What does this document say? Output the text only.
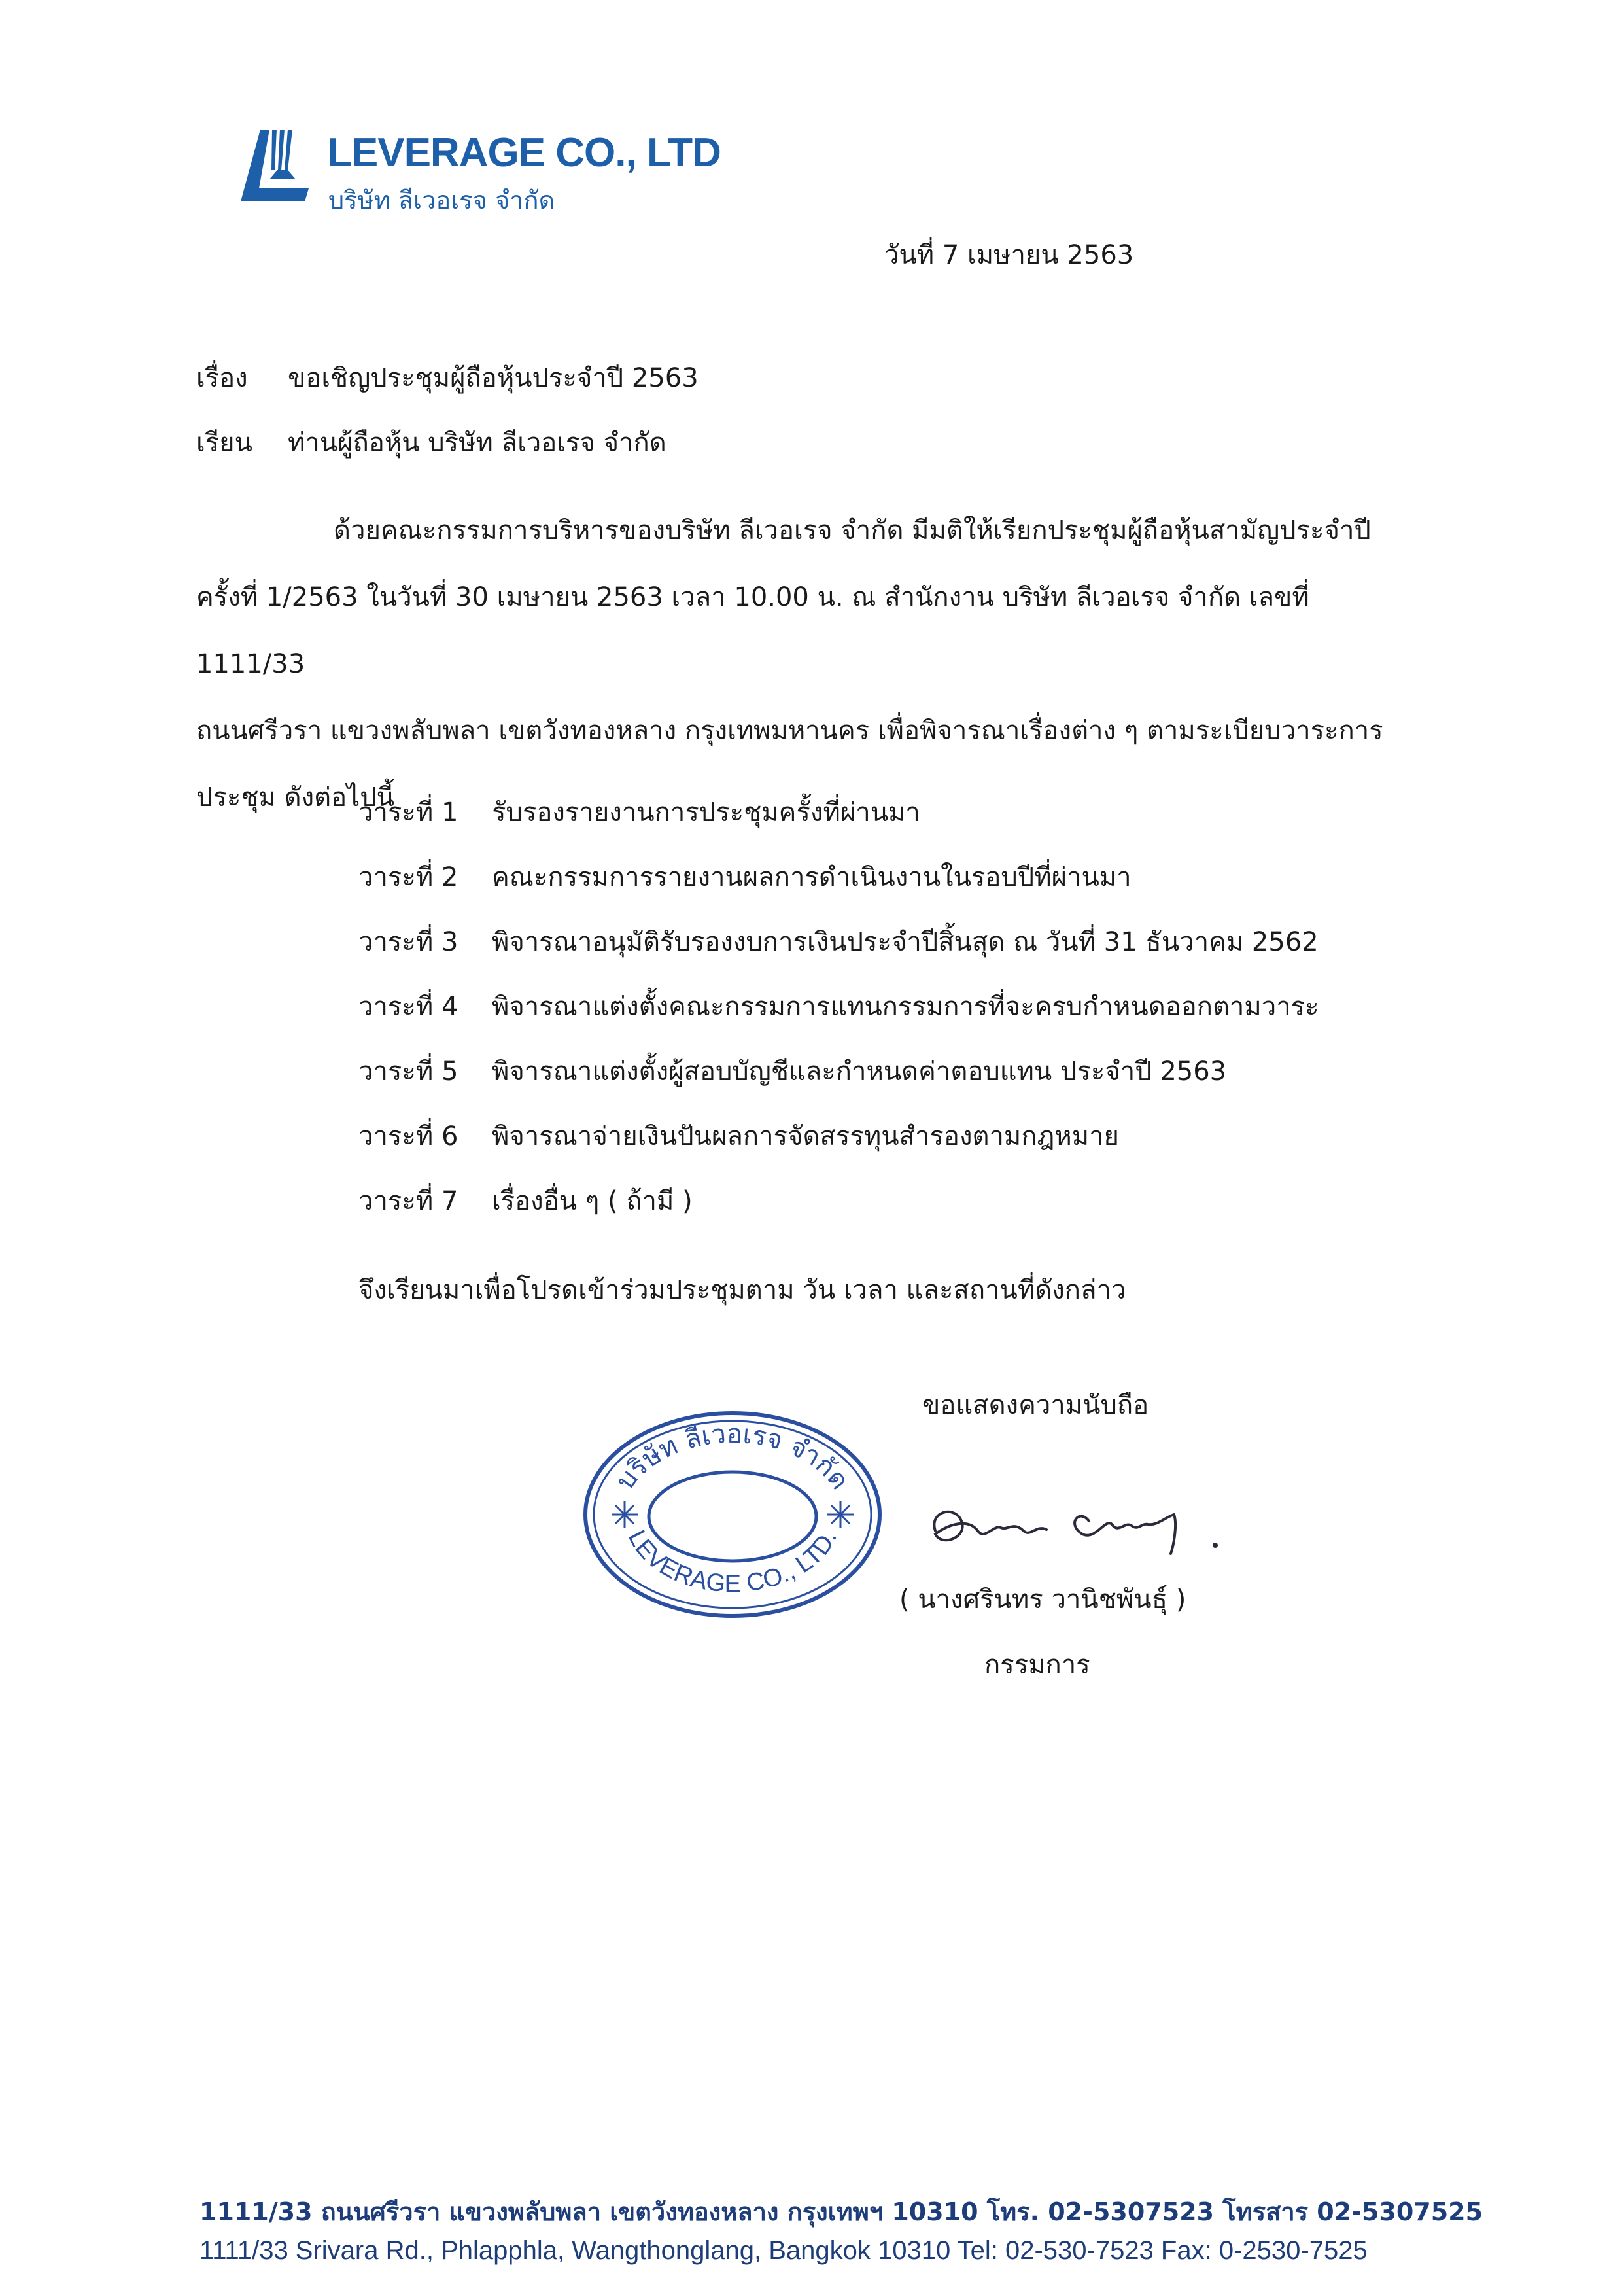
LEVERAGE CO., LTD
บริษัท ลีเวอเรจ จำกัด
วันที่ 7 เมษายน 2563
เรื่อง ขอเชิญประชุมผู้ถือหุ้นประจำปี 2563
เรียน ท่านผู้ถือหุ้น บริษัท ลีเวอเรจ จำกัด
ด้วยคณะกรรมการบริหารของบริษัท ลีเวอเรจ จำกัด มีมติให้เรียกประชุมผู้ถือหุ้นสามัญประจำปี
ครั้งที่ 1/2563 ในวันที่ 30 เมษายน 2563 เวลา 10.00 น. ณ สำนักงาน บริษัท ลีเวอเรจ จำกัด เลขที่ 1111/33
ถนนศรีวรา แขวงพลับพลา เขตวังทองหลาง กรุงเทพมหานคร เพื่อพิจารณาเรื่องต่าง ๆ ตามระเบียบวาระการ
ประชุม ดังต่อไปนี้
วาระที่ 1 รับรองรายงานการประชุมครั้งที่ผ่านมา
วาระที่ 2 คณะกรรมการรายงานผลการดำเนินงานในรอบปีที่ผ่านมา
วาระที่ 3 พิจารณาอนุมัติรับรองงบการเงินประจำปีสิ้นสุด ณ วันที่ 31 ธันวาคม 2562
วาระที่ 4 พิจารณาแต่งตั้งคณะกรรมการแทนกรรมการที่จะครบกำหนดออกตามวาระ
วาระที่ 5 พิจารณาแต่งตั้งผู้สอบบัญชีและกำหนดค่าตอบแทน ประจำปี 2563
วาระที่ 6 พิจารณาจ่ายเงินปันผลการจัดสรรทุนสำรองตามกฎหมาย
วาระที่ 7 เรื่องอื่น ๆ ( ถ้ามี )
จึงเรียนมาเพื่อโปรดเข้าร่วมประชุมตาม วัน เวลา และสถานที่ดังกล่าว
ขอแสดงความนับถือ
บริษัท ลีเวอเรจ จำกัด
LEVERAGE CO., LTD.
( นางศรินทร วานิชพันธุ์ )
กรรมการ
1111/33 ถนนศรีวรา แขวงพลับพลา เขตวังทองหลาง กรุงเทพฯ 10310 โทร. 02-5307523 โทรสาร 02-5307525
1111/33 Srivara Rd., Phlapphla, Wangthonglang, Bangkok 10310 Tel: 02-530-7523 Fax: 0-2530-7525
